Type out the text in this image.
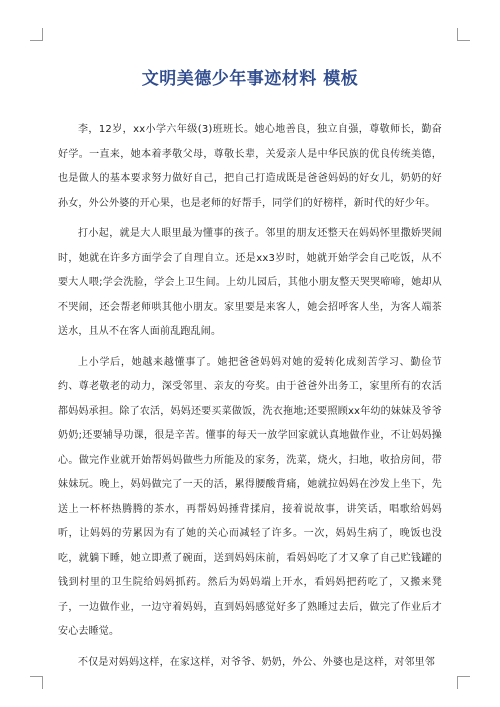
文明美德少年事迹材料 模板

李，12岁，xx小学六年级(3)班班长。她心地善良，独立自强，尊敬师长，勤奋好学。一直来，她本着孝敬父母，尊敬长辈，关爱亲人是中华民族的优良传统美德，也是做人的基本要求努力做好自己，把自己打造成既是爸爸妈妈的好女儿，奶奶的好孙女，外公外婆的开心果，也是老师的好帮手，同学们的好榜样，新时代的好少年。

打小起，就是大人眼里最为懂事的孩子。邻里的朋友还整天在妈妈怀里撒娇哭闹时，她就在许多方面学会了自理自立。还是xx3岁时，她就开始学会自己吃饭，从不要大人喂;学会洗脸，学会上卫生间。上幼儿园后，其他小朋友整天哭哭啼啼，她却从不哭闹，还会帮老师哄其他小朋友。家里要是来客人，她会招呼客人坐，为客人端茶送水，且从不在客人面前乱跑乱闹。

上小学后，她越来越懂事了。她把爸爸妈妈对她的爱转化成刻苦学习、勤俭节约、尊老敬老的动力，深受邻里、亲友的夸奖。由于爸爸外出务工，家里所有的农活都妈妈承担。除了农活，妈妈还要买菜做饭，洗衣拖地;还要照顾xx年幼的妹妹及爷爷奶奶;还要辅导功课，很是辛苦。懂事的每天一放学回家就认真地做作业，不让妈妈操心。做完作业就开始帮妈妈做些力所能及的家务，洗菜，烧火，扫地，收拾房间，带妹妹玩。晚上，妈妈做完了一天的活，累得腰酸背痛，她就拉妈妈在沙发上坐下，先送上一杯杯热腾腾的茶水，再帮妈妈捶背揉肩，接着说故事，讲笑话，唱歌给妈妈听，让妈妈的劳累因为有了她的关心而减轻了许多。一次，妈妈生病了，晚饭也没吃，就躺下睡，她立即煮了碗面，送到妈妈床前，看妈妈吃了才又拿了自己贮钱罐的钱到村里的卫生院给妈妈抓药。然后为妈妈端上开水，看妈妈把药吃了，又搬来凳子，一边做作业，一边守着妈妈，直到妈妈感觉好多了熟睡过去后，做完了作业后才安心去睡觉。

不仅是对妈妈这样，在家这样，对爷爷、奶奶，外公、外婆也是这样，对邻里邻
